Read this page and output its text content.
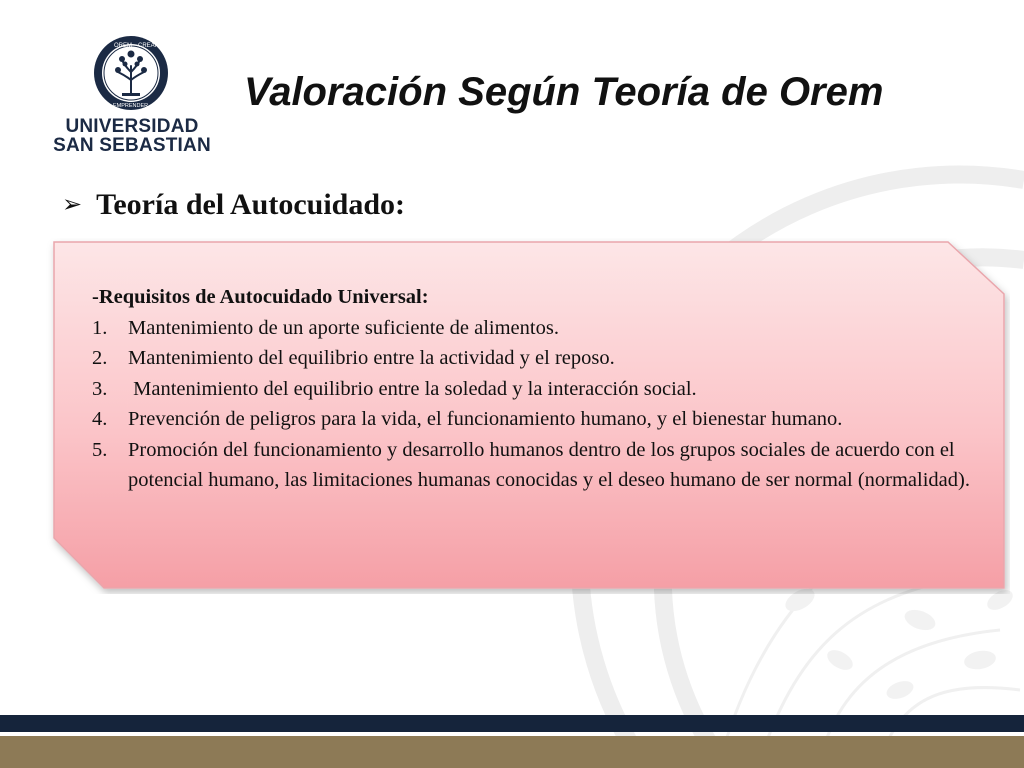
OREM CREAR
EMPRENDER
UNIVERSIDAD
SAN SEBASTIAN
Valoración Según Teoría de Orem
➢ Teoría del Autocuidado:
-Requisitos de Autocuidado Universal:
1.	Mantenimiento de un aporte suficiente de alimentos.
2.	Mantenimiento del equilibrio entre la actividad y el reposo.
3.	Mantenimiento del equilibrio entre la soledad y la interacción social.
4.	Prevención de peligros para la vida, el funcionamiento humano, y el bienestar humano.
5.	Promoción del funcionamiento y desarrollo humanos dentro de los grupos sociales de acuerdo con el potencial humano, las limitaciones humanas conocidas y el deseo humano de ser normal (normalidad).
